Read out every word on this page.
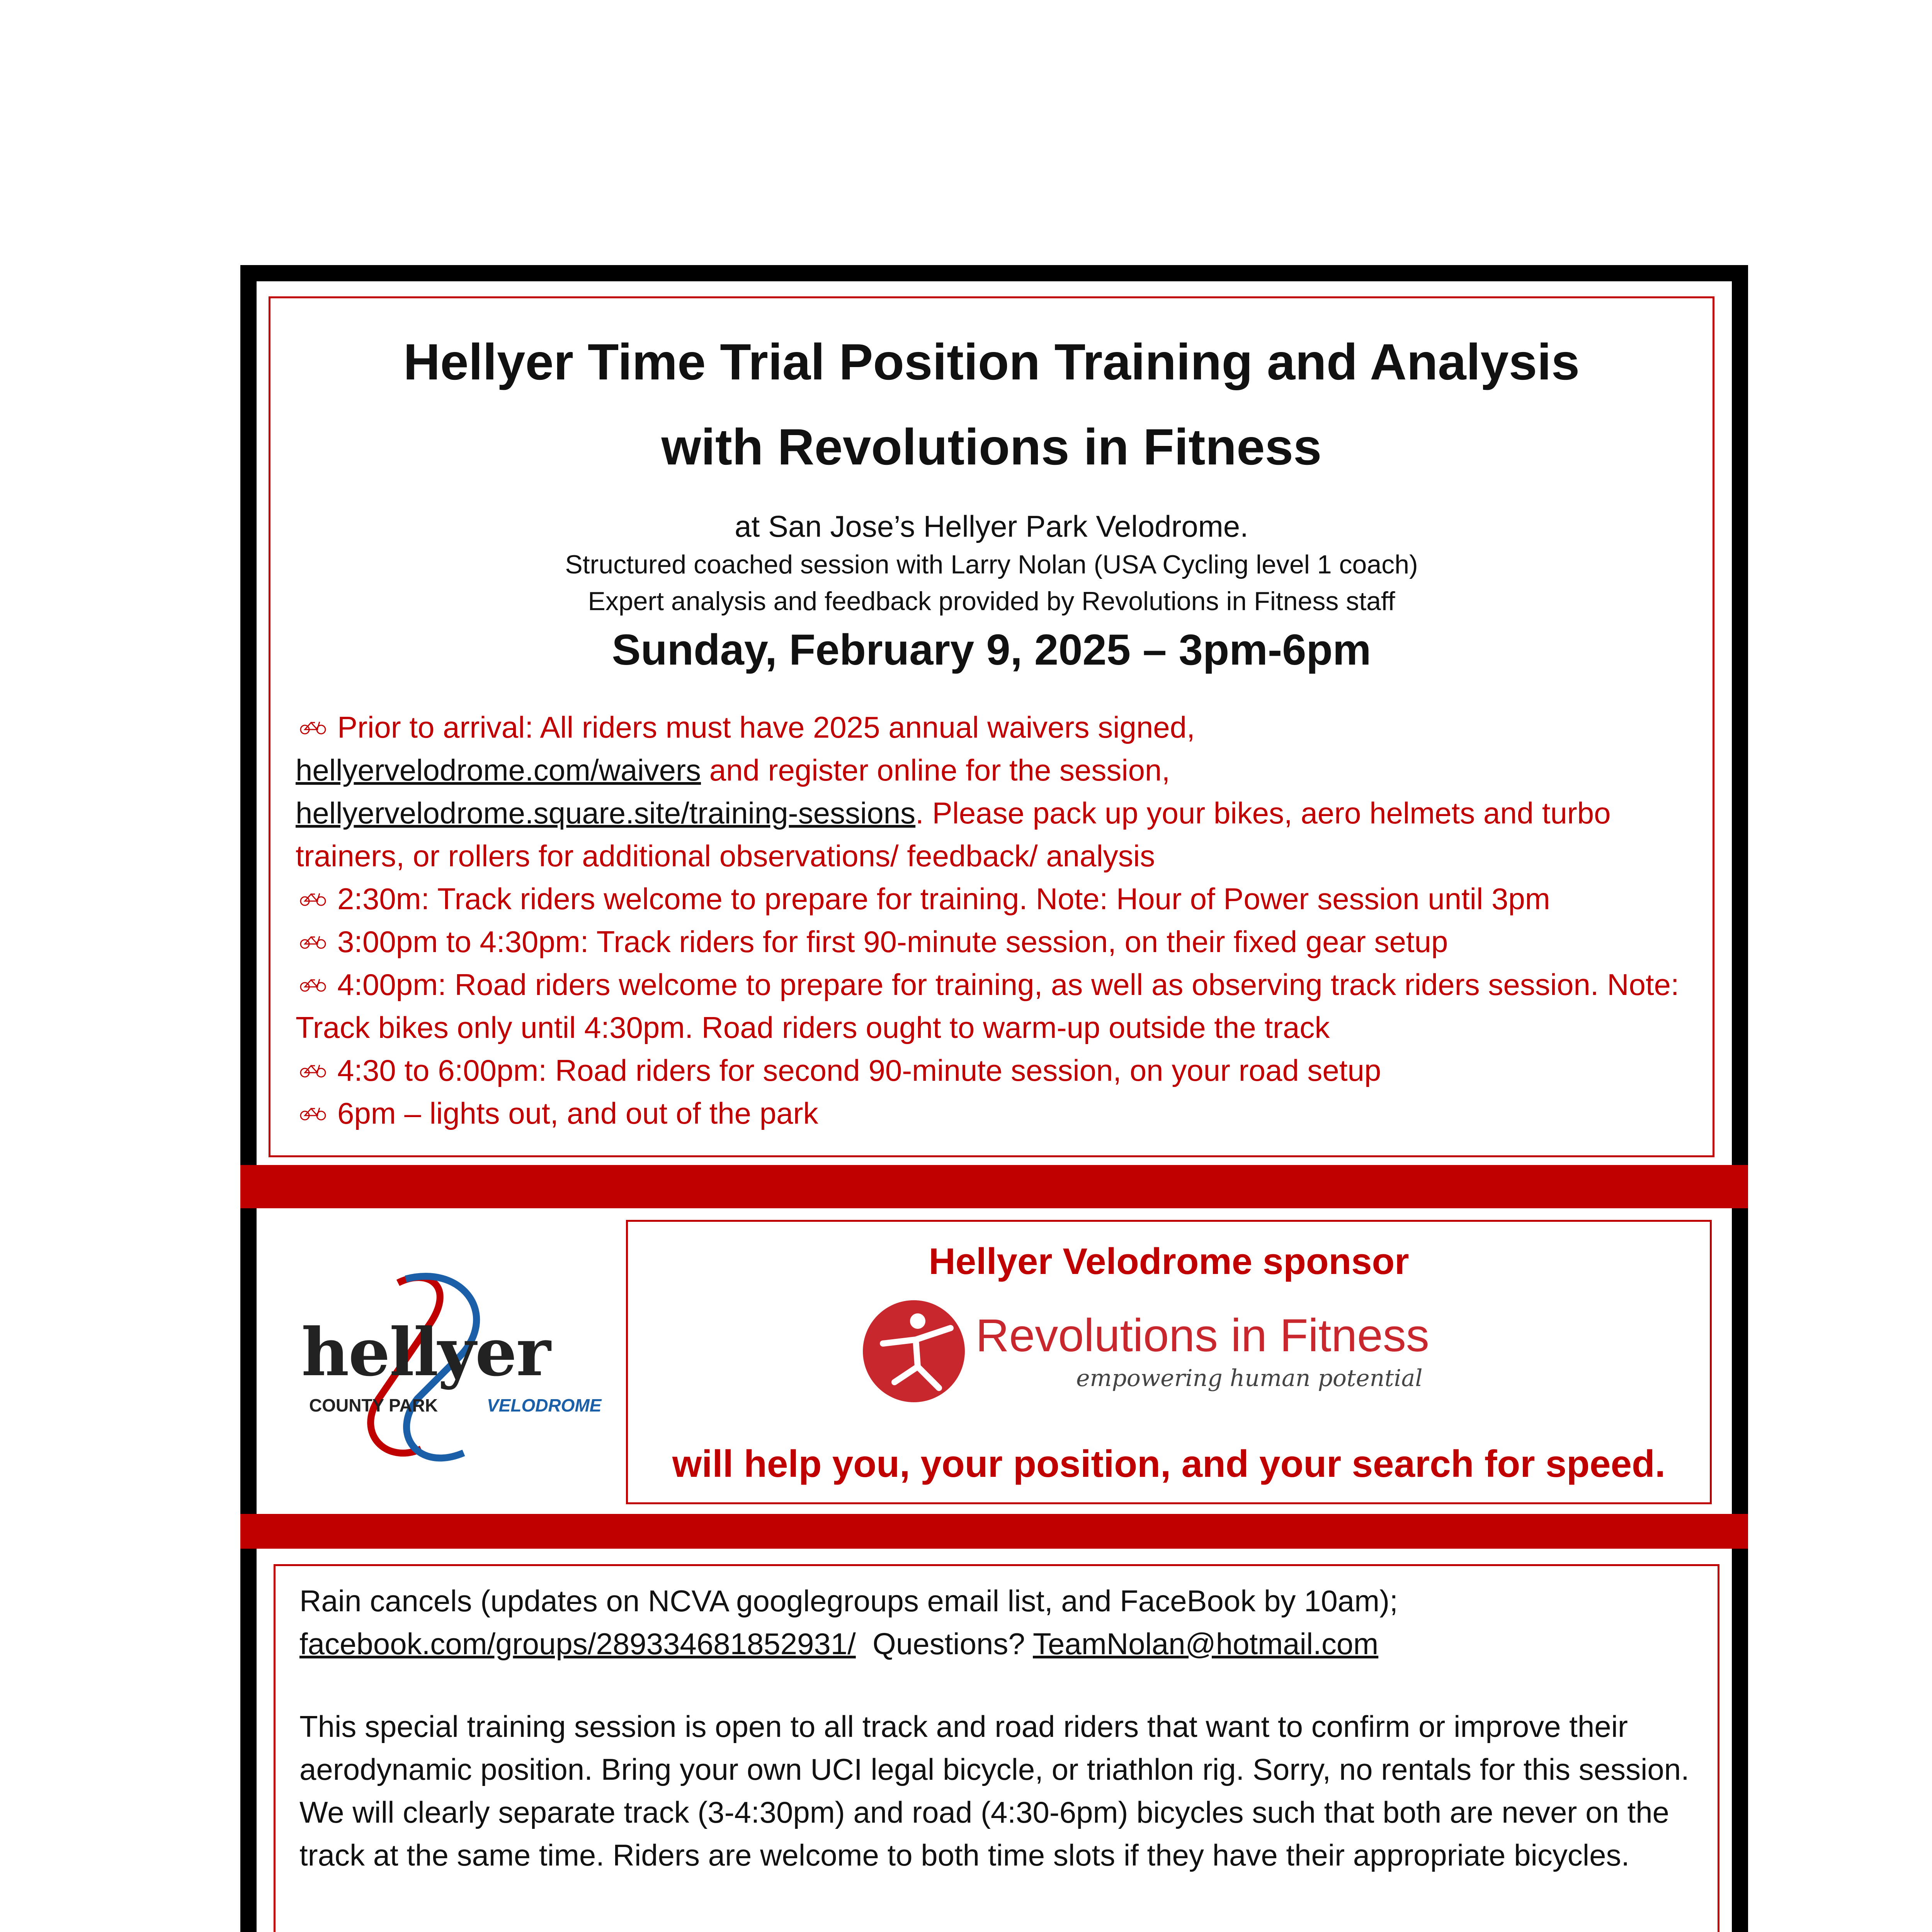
Hellyer Time Trial Position Training and Analysis
with Revolutions in Fitness
at San Jose’s Hellyer Park Velodrome.
Structured coached session with Larry Nolan (USA Cycling level 1 coach)
Expert analysis and feedback provided by Revolutions in Fitness staff
Sunday, February 9, 2025 – 3pm-6pm
Prior to arrival: All riders must have 2025 annual waivers signed,
hellyervelodrome.com/waivers and register online for the session,
hellyervelodrome.square.site/training-sessions. Please pack up your bikes, aero helmets and turbo trainers, or rollers for additional observations/ feedback/ analysis
2:30m: Track riders welcome to prepare for training. Note: Hour of Power session until 3pm
3:00pm to 4:30pm: Track riders for first 90-minute session, on their fixed gear setup
4:00pm: Road riders welcome to prepare for training, as well as observing track riders session. Note: Track bikes only until 4:30pm. Road riders ought to warm-up outside the track
4:30 to 6:00pm: Road riders for second 90-minute session, on your road setup
6pm – lights out, and out of the park
hellyer
COUNTY PARK	VELODROME
Hellyer Velodrome sponsor
Revolutions in Fitness
empowering human potential
will help you, your position, and your search for speed.
Rain cancels (updates on NCVA googlegroups email list, and FaceBook by 10am);
facebook.com/groups/289334681852931/ Questions? TeamNolan@hotmail.com
This special training session is open to all track and road riders that want to confirm or improve their aerodynamic position. Bring your own UCI legal bicycle, or triathlon rig. Sorry, no rentals for this session. We will clearly separate track (3-4:30pm) and road (4:30-6pm) bicycles such that both are never on the track at the same time. Riders are welcome to both time slots if they have their appropriate bicycles.
